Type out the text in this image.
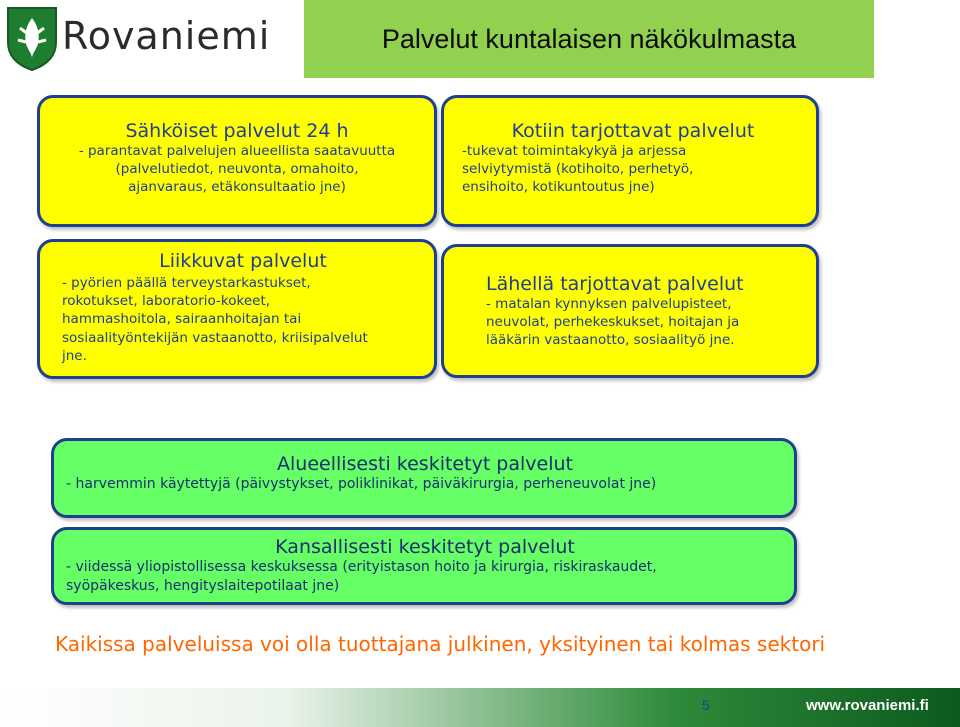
Rovaniemi	Palvelut kuntalaisen näkökulmasta
Sähköiset palvelut 24 h
- parantavat palvelujen alueellista saatavuutta
(palvelutiedot, neuvonta, omahoito,
ajanvaraus, etäkonsultaatio jne)
Kotiin tarjottavat palvelut
-tukevat toimintakykyä ja arjessa
selviytymistä (kotihoito, perhetyö,
ensihoito, kotikuntoutus jne)
Liikkuvat palvelut
- pyörien päällä terveystarkastukset,
rokotukset, laboratorio-kokeet,
hammashoitola, sairaanhoitajan tai
sosiaalityöntekijän vastaanotto, kriisipalvelut
jne.
Lähellä tarjottavat palvelut
- matalan kynnyksen palvelupisteet,
neuvolat, perhekeskukset, hoitajan ja
lääkärin vastaanotto, sosiaalityö jne.
Alueellisesti keskitetyt palvelut
- harvemmin käytettyjä (päivystykset, poliklinikat, päiväkirurgia, perheneuvolat jne)
Kansallisesti keskitetyt palvelut
- viidessä yliopistollisessa keskuksessa (erityistason hoito ja kirurgia, riskiraskaudet,
syöpäkeskus, hengityslaitepotilaat jne)
Kaikissa palveluissa voi olla tuottajana julkinen, yksityinen tai kolmas sektori
5	www.rovaniemi.fi
